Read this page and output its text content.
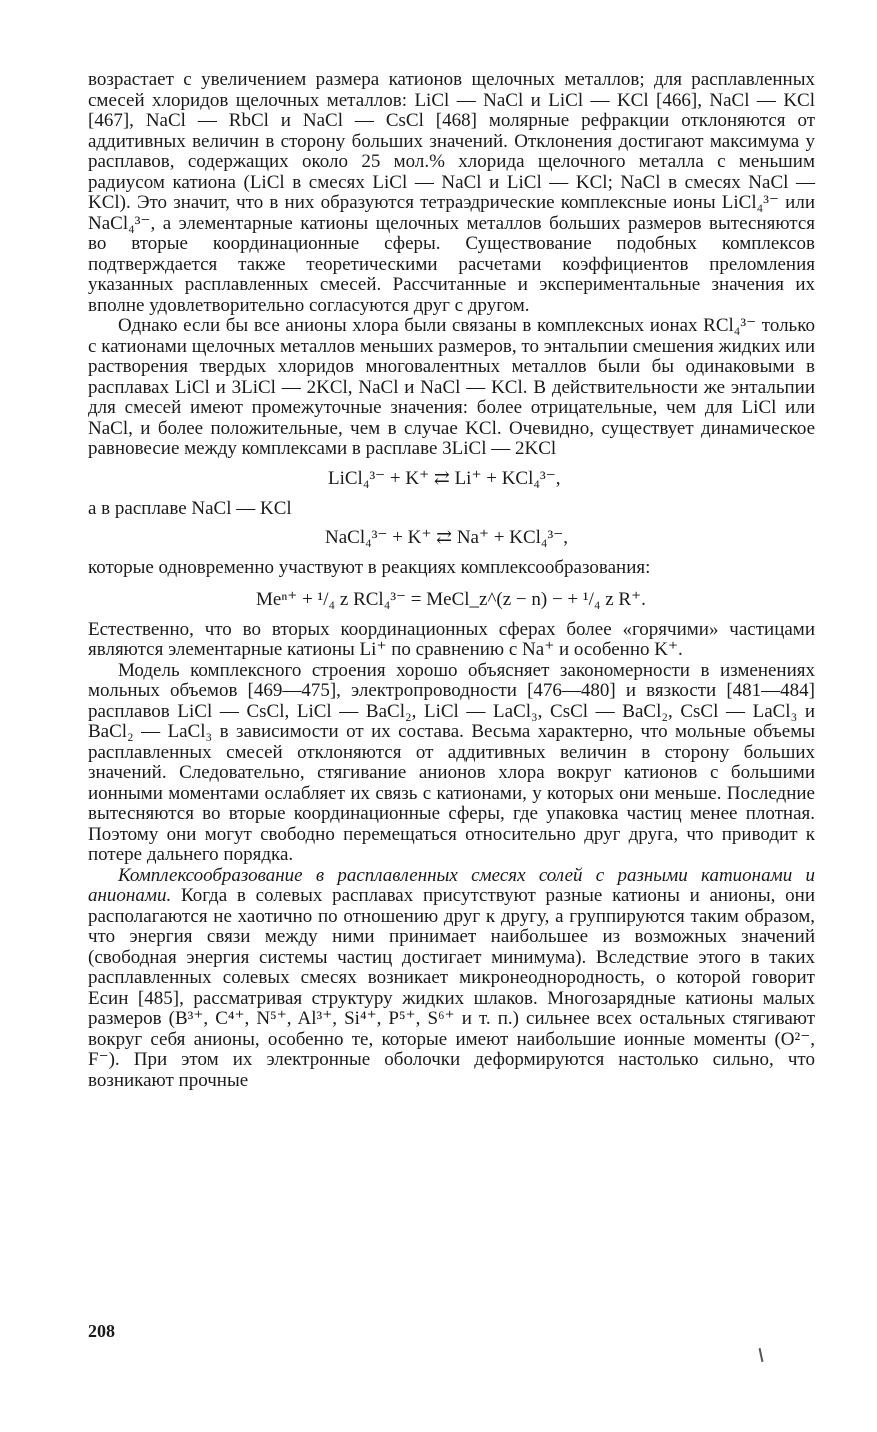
возрастает с увеличением размера катионов щелочных металлов; для расплавленных смесей хлоридов щелочных металлов: LiCl — NaCl и LiCl — KCl [466], NaCl — KCl [467], NaCl — RbCl и NaCl — CsCl [468] молярные рефракции отклоняются от аддитивных величин в сторону больших значений. Отклонения достигают максимума у расплавов, содержащих около 25 мол.% хлорида щелочного металла с меньшим радиусом катиона (LiCl в смесях LiCl — NaCl и LiCl — KCl; NaCl в смесях NaCl — KCl). Это значит, что в них образуются тетраэдрические комплексные ионы LiCl₄³⁻ или NaCl₄³⁻, а элементарные катионы щелочных металлов больших размеров вытесняются во вторые координационные сферы. Существование подобных комплексов подтверждается также теоретическими расчетами коэффициентов преломления указанных расплавленных смесей. Рассчитанные и экспериментальные значения их вполне удовлетворительно согласуются друг с другом.

Однако если бы все анионы хлора были связаны в комплексных ионах RCl₄³⁻ только с катионами щелочных металлов меньших размеров, то энтальпии смешения жидких или растворения твердых хлоридов многовалентных металлов были бы одинаковыми в расплавах LiCl и 3LiCl — 2KCl, NaCl и NaCl — KCl. В действительности же энтальпии для смесей имеют промежуточные значения: более отрицательные, чем для LiCl или NaCl, и более положительные, чем в случае KCl. Очевидно, существует динамическое равновесие между комплексами в расплаве 3LiCl — 2KCl

LiCl₄³⁻ + K⁺ ⇄ Li⁺ + KCl₄³⁻,

а в расплаве NaCl — KCl

NaCl₄³⁻ + K⁺ ⇄ Na⁺ + KCl₄³⁻,

которые одновременно участвуют в реакциях комплексообразования:

Meⁿ⁺ + ¹/₄ z RCl₄³⁻ = MeCl_z^(z − n) − + ¹/₄ z R⁺.

Естественно, что во вторых координационных сферах более «горячими» частицами являются элементарные катионы Li⁺ по сравнению с Na⁺ и особенно K⁺.

Модель комплексного строения хорошо объясняет закономерности в изменениях мольных объемов [469—475], электропроводности [476—480] и вязкости [481—484] расплавов LiCl — CsCl, LiCl — BaCl₂, LiCl — LaCl₃, CsCl — BaCl₂, CsCl — LaCl₃ и BaCl₂ — LaCl₃ в зависимости от их состава. Весьма характерно, что мольные объемы расплавленных смесей отклоняются от аддитивных величин в сторону больших значений. Следовательно, стягивание анионов хлора вокруг катионов с большими ионными моментами ослабляет их связь с катионами, у которых они меньше. Последние вытесняются во вторые координационные сферы, где упаковка частиц менее плотная. Поэтому они могут свободно перемещаться относительно друг друга, что приводит к потере дальнего порядка.

Комплексообразование в расплавленных смесях солей с разными катионами и анионами. Когда в солевых расплавах присутствуют разные катионы и анионы, они располагаются не хаотично по отношению друг к другу, а группируются таким образом, что энергия связи между ними принимает наибольшее из возможных значений (свободная энергия системы частиц достигает минимума). Вследствие этого в таких расплавленных солевых смесях возникает микронеоднородность, о которой говорит Есин [485], рассматривая структуру жидких шлаков. Многозарядные катионы малых размеров (B³⁺, C⁴⁺, N⁵⁺, Al³⁺, Si⁴⁺, P⁵⁺, S⁶⁺ и т. п.) сильнее всех остальных стягивают вокруг себя анионы, особенно те, которые имеют наибольшие ионные моменты (O²⁻, F⁻). При этом их электронные оболочки деформируются настолько сильно, что возникают прочные

208
